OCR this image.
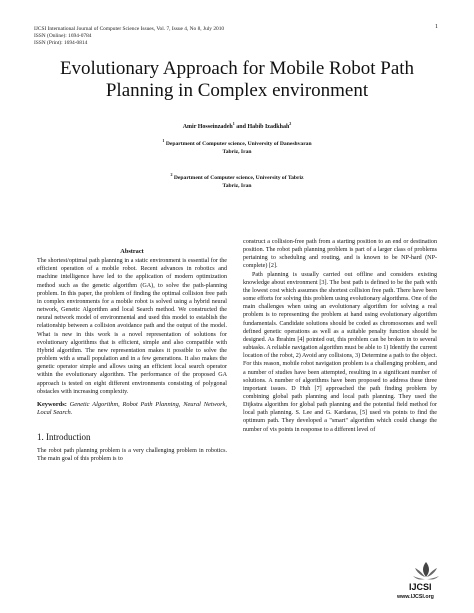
IJCSI International Journal of Computer Science Issues, Vol. 7, Issue 4, No 8, July 2010
ISSN (Online): 1694-0784
ISSN (Print): 1694-0814
1
Evolutionary Approach for Mobile Robot Path
Planning in Complex environment
Amir Hosseinzadeh$^1$ and Habib Izadkhah$^2$
$^1$ Department of Computer science, University of Daneshvaran
Tabriz, Iran
$^2$ Department of Computer science, University of Tabriz
Tabriz, Iran
Abstract

The shortest/optimal path planning in a static environment is essential for the efficient operation of a mobile robot. Recent advances in robotics and machine intelligence have led to the application of modern optimization method such as the genetic algorithm (GA), to solve the path-planning problem. In this paper, the problem of finding the optimal collision free path in complex environments for a mobile robot is solved using a hybrid neural network, Genetic Algorithm and local Search method. We constructed the neural network model of environmental and used this model to establish the relationship between a collision avoidance path and the output of the model. What is new in this work is a novel representation of solutions for evolutionary algorithms that is efficient, simple and also compatible with Hybrid algorithm. The new representation makes it possible to solve the problem with a small population and in a few generations. It also makes the genetic operator simple and allows using an efficient local search operator within the evolutionary algorithm. The performance of the proposed GA approach is tested on eight different environments consisting of polygonal obstacles with increasing complexity.

Keywords: Genetic Algorithm, Robot Path Planning, Neural Network, Local Search.

1. Introduction

The robot path planning problem is a very challenging problem in robotics. The main goal of this problem is to

construct a collision-free path from a starting position to an end or destination position. The robot path planning problem is part of a larger class of problems pertaining to scheduling and routing, and is known to be NP-hard (NP-complete) [2].

Path planning is usually carried out offline and considers existing knowledge about environment [3]. The best path is defined to be the path with the lowest cost which assumes the shortest collision free path. There have been some efforts for solving this problem using evolutionary algorithms. One of the main challenges when using an evolutionary algorithm for solving a real problem is to representing the problem at hand using evolutionary algorithm fundamentals. Candidate solutions should be coded as chromosomes and well defined genetic operations as well as a suitable penalty function should be designed. As Ibrahim [4] pointed out, this problem can be broken in to several subtasks. A reliable navigation algorithm must be able to 1) Identify the current location of the robot, 2) Avoid any collisions, 3) Determine a path to the object. For this reason, mobile robot navigation problem is a challenging problem, and a number of studies have been attempted, resulting in a significant number of solutions. A number of algorithms have been proposed to address these three important issues. D Huh [7] approached the path finding problem by combining global path planning and local path planning. They used the Dijkstra algorithm for global path planning and the potential field method for local path planning. S. Lee and G. Kardaras, [5] used vis points to find the optimum path. They developed a "smart" algorithm which could change the number of vis points in response to a different level of

IJCSI
www.IJCSI.org
